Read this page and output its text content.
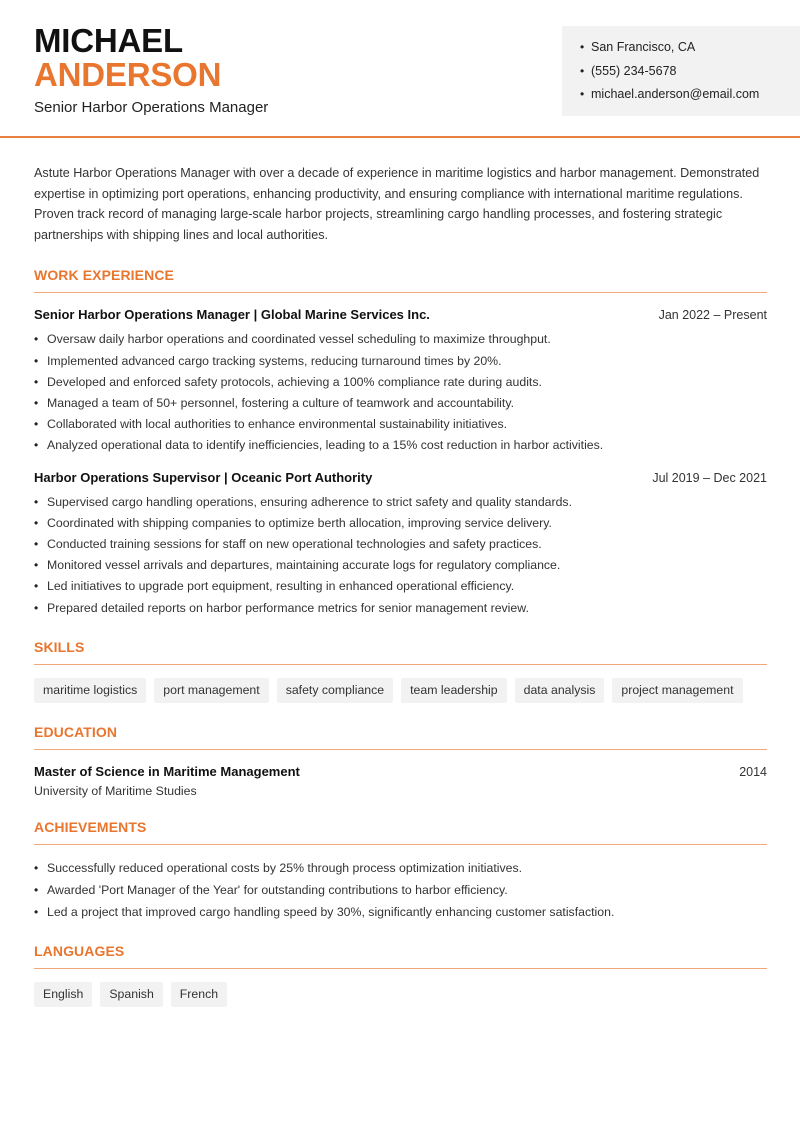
MICHAEL
ANDERSON
Senior Harbor Operations Manager
• San Francisco, CA
• (555) 234-5678
• michael.anderson@email.com

Astute Harbor Operations Manager with over a decade of experience in maritime logistics and harbor management. Demonstrated expertise in optimizing port operations, enhancing productivity, and ensuring compliance with international maritime regulations. Proven track record of managing large-scale harbor projects, streamlining cargo handling processes, and fostering strategic partnerships with shipping lines and local authorities.

WORK EXPERIENCE
Senior Harbor Operations Manager | Global Marine Services Inc.	Jan 2022 – Present
• Oversaw daily harbor operations and coordinated vessel scheduling to maximize throughput.
• Implemented advanced cargo tracking systems, reducing turnaround times by 20%.
• Developed and enforced safety protocols, achieving a 100% compliance rate during audits.
• Managed a team of 50+ personnel, fostering a culture of teamwork and accountability.
• Collaborated with local authorities to enhance environmental sustainability initiatives.
• Analyzed operational data to identify inefficiencies, leading to a 15% cost reduction in harbor activities.
Harbor Operations Supervisor | Oceanic Port Authority	Jul 2019 – Dec 2021
• Supervised cargo handling operations, ensuring adherence to strict safety and quality standards.
• Coordinated with shipping companies to optimize berth allocation, improving service delivery.
• Conducted training sessions for staff on new operational technologies and safety practices.
• Monitored vessel arrivals and departures, maintaining accurate logs for regulatory compliance.
• Led initiatives to upgrade port equipment, resulting in enhanced operational efficiency.
• Prepared detailed reports on harbor performance metrics for senior management review.
SKILLS
maritime logistics	port management	safety compliance	team leadership	data analysis	project management
EDUCATION
Master of Science in Maritime Management	2014
University of Maritime Studies
ACHIEVEMENTS
• Successfully reduced operational costs by 25% through process optimization initiatives.
• Awarded 'Port Manager of the Year' for outstanding contributions to harbor efficiency.
• Led a project that improved cargo handling speed by 30%, significantly enhancing customer satisfaction.
LANGUAGES
English	Spanish	French
